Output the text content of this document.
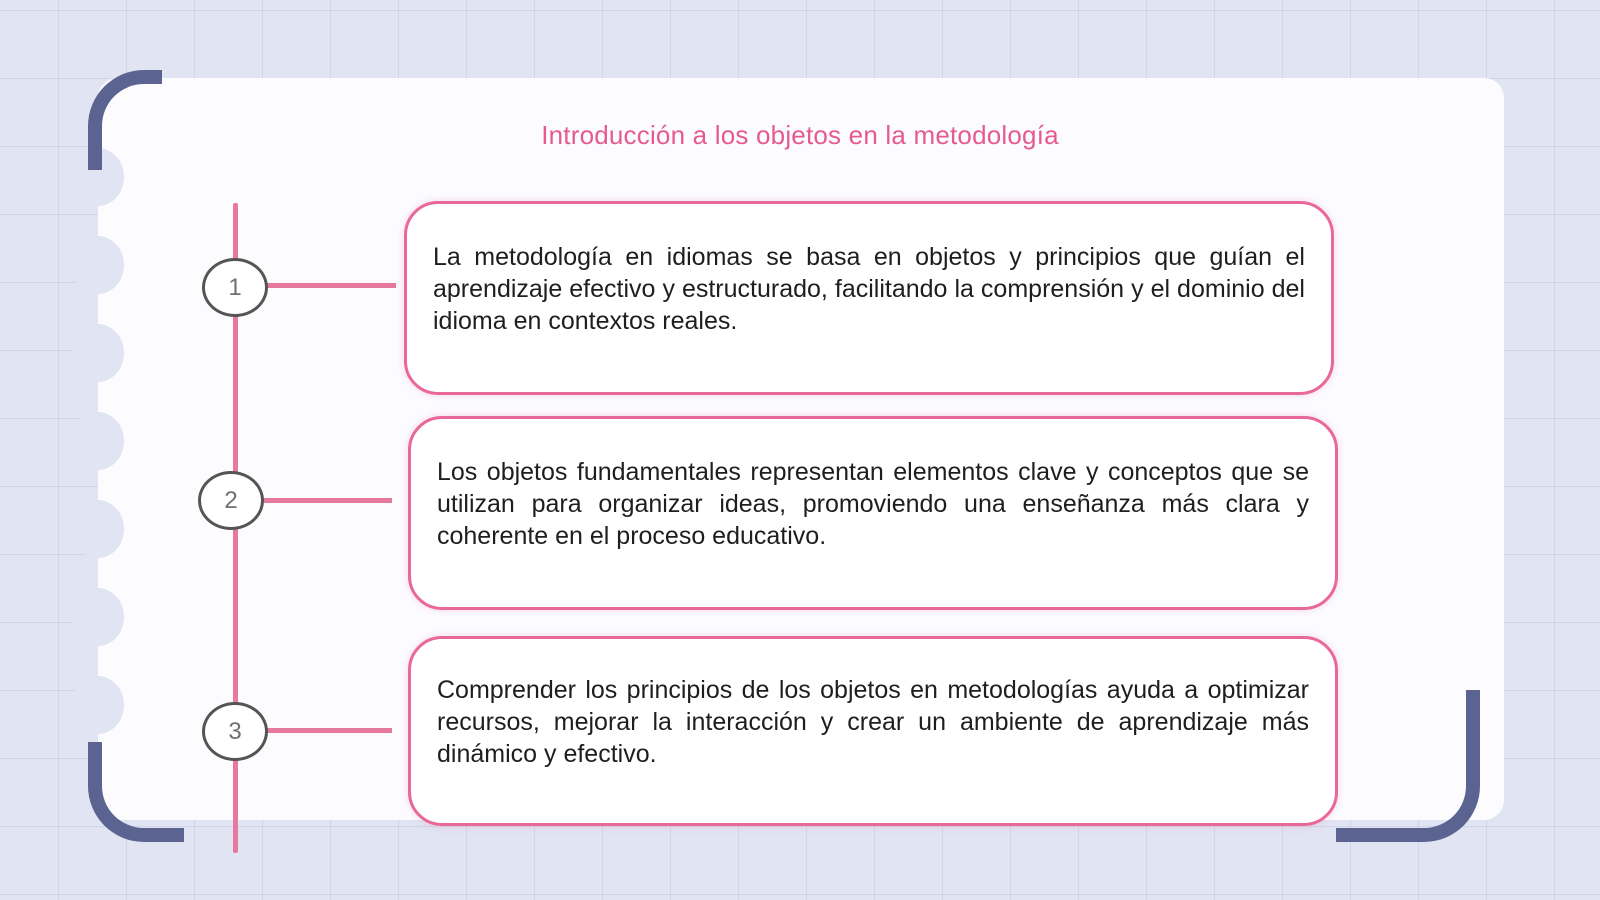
Introducción a los objetos en la metodología
1
La metodología en idiomas se basa en objetos y principios que guían el aprendizaje efectivo y estructurado, facilitando la comprensión y el dominio del idioma en contextos reales.
2
Los objetos fundamentales representan elementos clave y conceptos que se utilizan para organizar ideas, promoviendo una enseñanza más clara y coherente en el proceso educativo.
3
Comprender los principios de los objetos en metodologías ayuda a optimizar recursos, mejorar la interacción y crear un ambiente de aprendizaje más dinámico y efectivo.
